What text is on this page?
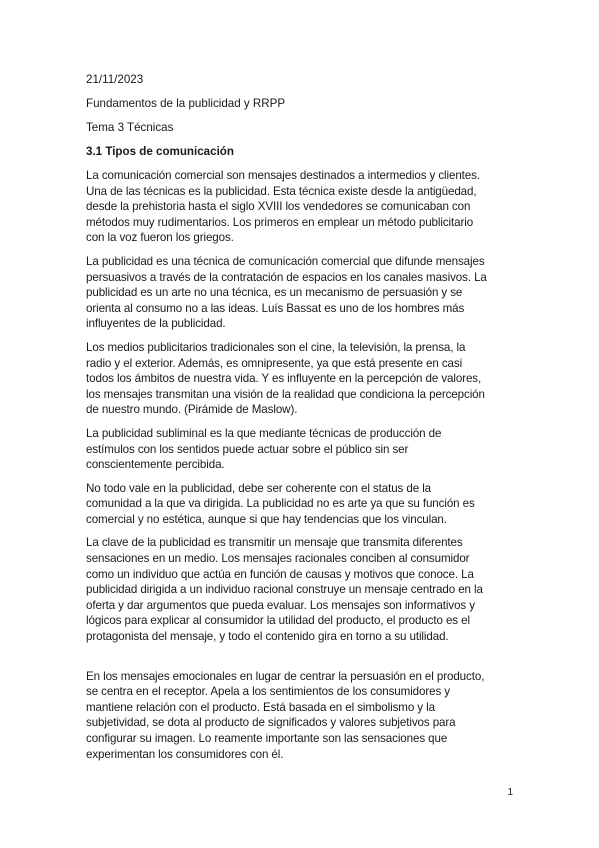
21/11/2023
Fundamentos de la publicidad y RRPP
Tema 3 Técnicas
3.1 Tipos de comunicación
La comunicación comercial son mensajes destinados a intermedios y clientes.
Una de las técnicas es la publicidad. Esta técnica existe desde la antigüedad,
desde la prehistoria hasta el siglo XVIII los vendedores se comunicaban con
métodos muy rudimentarios. Los primeros en emplear un método publicitario
con la voz fueron los griegos.
La publicidad es una técnica de comunicación comercial que difunde mensajes
persuasivos a través de la contratación de espacios en los canales masivos. La
publicidad es un arte no una técnica, es un mecanismo de persuasión y se
orienta al consumo no a las ideas. Luís Bassat es uno de los hombres más
influyentes de la publicidad.
Los medios publicitarios tradicionales son el cine, la televisión, la prensa, la
radio y el exterior. Además, es omnipresente, ya que está presente en casi
todos los ámbitos de nuestra vida. Y es influyente en la percepción de valores,
los mensajes transmitan una visión de la realidad que condiciona la percepción
de nuestro mundo. (Pirámide de Maslow).
La publicidad subliminal es la que mediante técnicas de producción de
estímulos con los sentidos puede actuar sobre el público sin ser
conscientemente percibida.
No todo vale en la publicidad, debe ser coherente con el status de la
comunidad a la que va dirigida. La publicidad no es arte ya que su función es
comercial y no estética, aunque si que hay tendencias que los vinculan.
La clave de la publicidad es transmitir un mensaje que transmita diferentes
sensaciones en un medio. Los mensajes racionales conciben al consumidor
como un individuo que actúa en función de causas y motivos que conoce. La
publicidad dirigida a un individuo racional construye un mensaje centrado en la
oferta y dar argumentos que pueda evaluar. Los mensajes son informativos y
lógicos para explicar al consumidor la utilidad del producto, el producto es el
protagonista del mensaje, y todo el contenido gira en torno a su utilidad.
En los mensajes emocionales en lugar de centrar la persuasión en el producto,
se centra en el receptor. Apela a los sentimientos de los consumidores y
mantiene relación con el producto. Está basada en el simbolismo y la
subjetividad, se dota al producto de significados y valores subjetivos para
configurar su imagen. Lo reamente importante son las sensaciones que
experimentan los consumidores con él.
1
